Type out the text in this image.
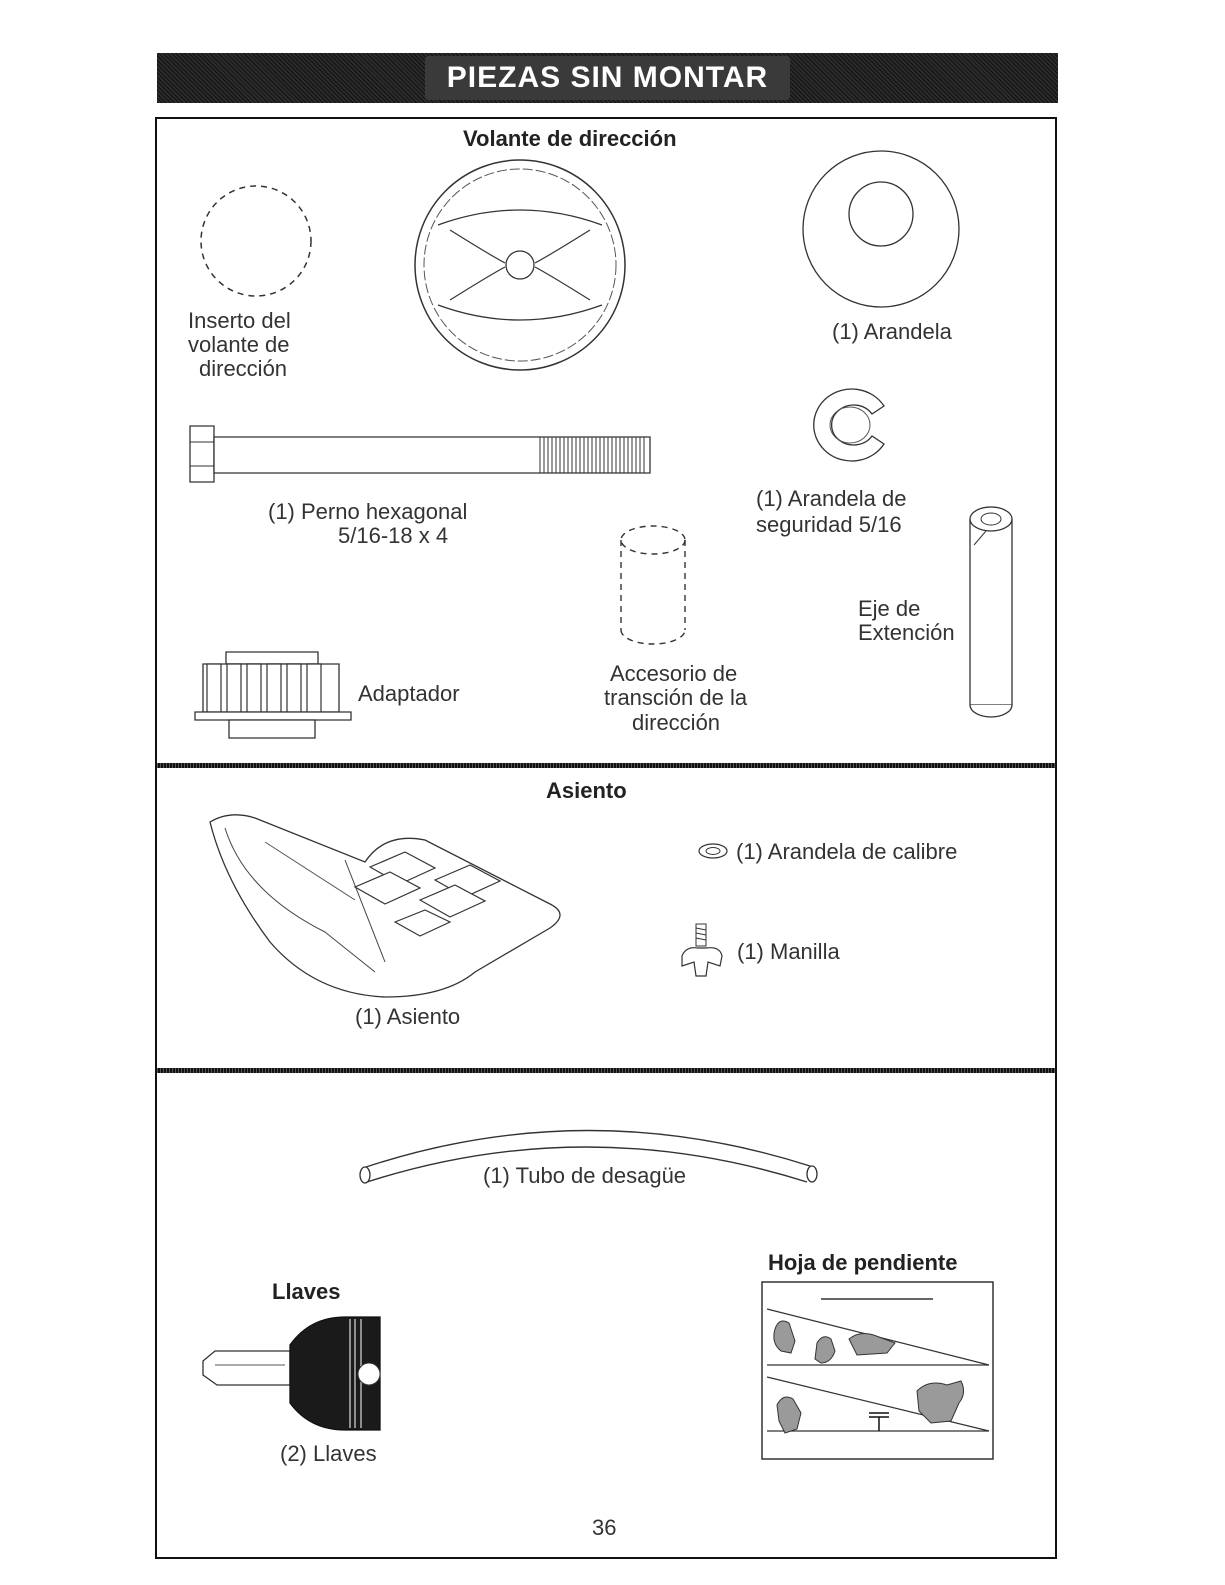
PIEZAS SIN MONTAR
Volante de dirección
Inserto del
volante de
dirección
(1) Arandela
(1) Perno hexagonal
5/16-18 x 4
(1) Arandela de
seguridad 5/16
Accesorio de
transción de la
dirección
Eje de
Extención
Adaptador
Asiento
(1) Asiento
(1) Arandela de calibre
(1) Manilla
(1) Tubo de desagüe
Llaves
(2) Llaves
Hoja de pendiente
36
